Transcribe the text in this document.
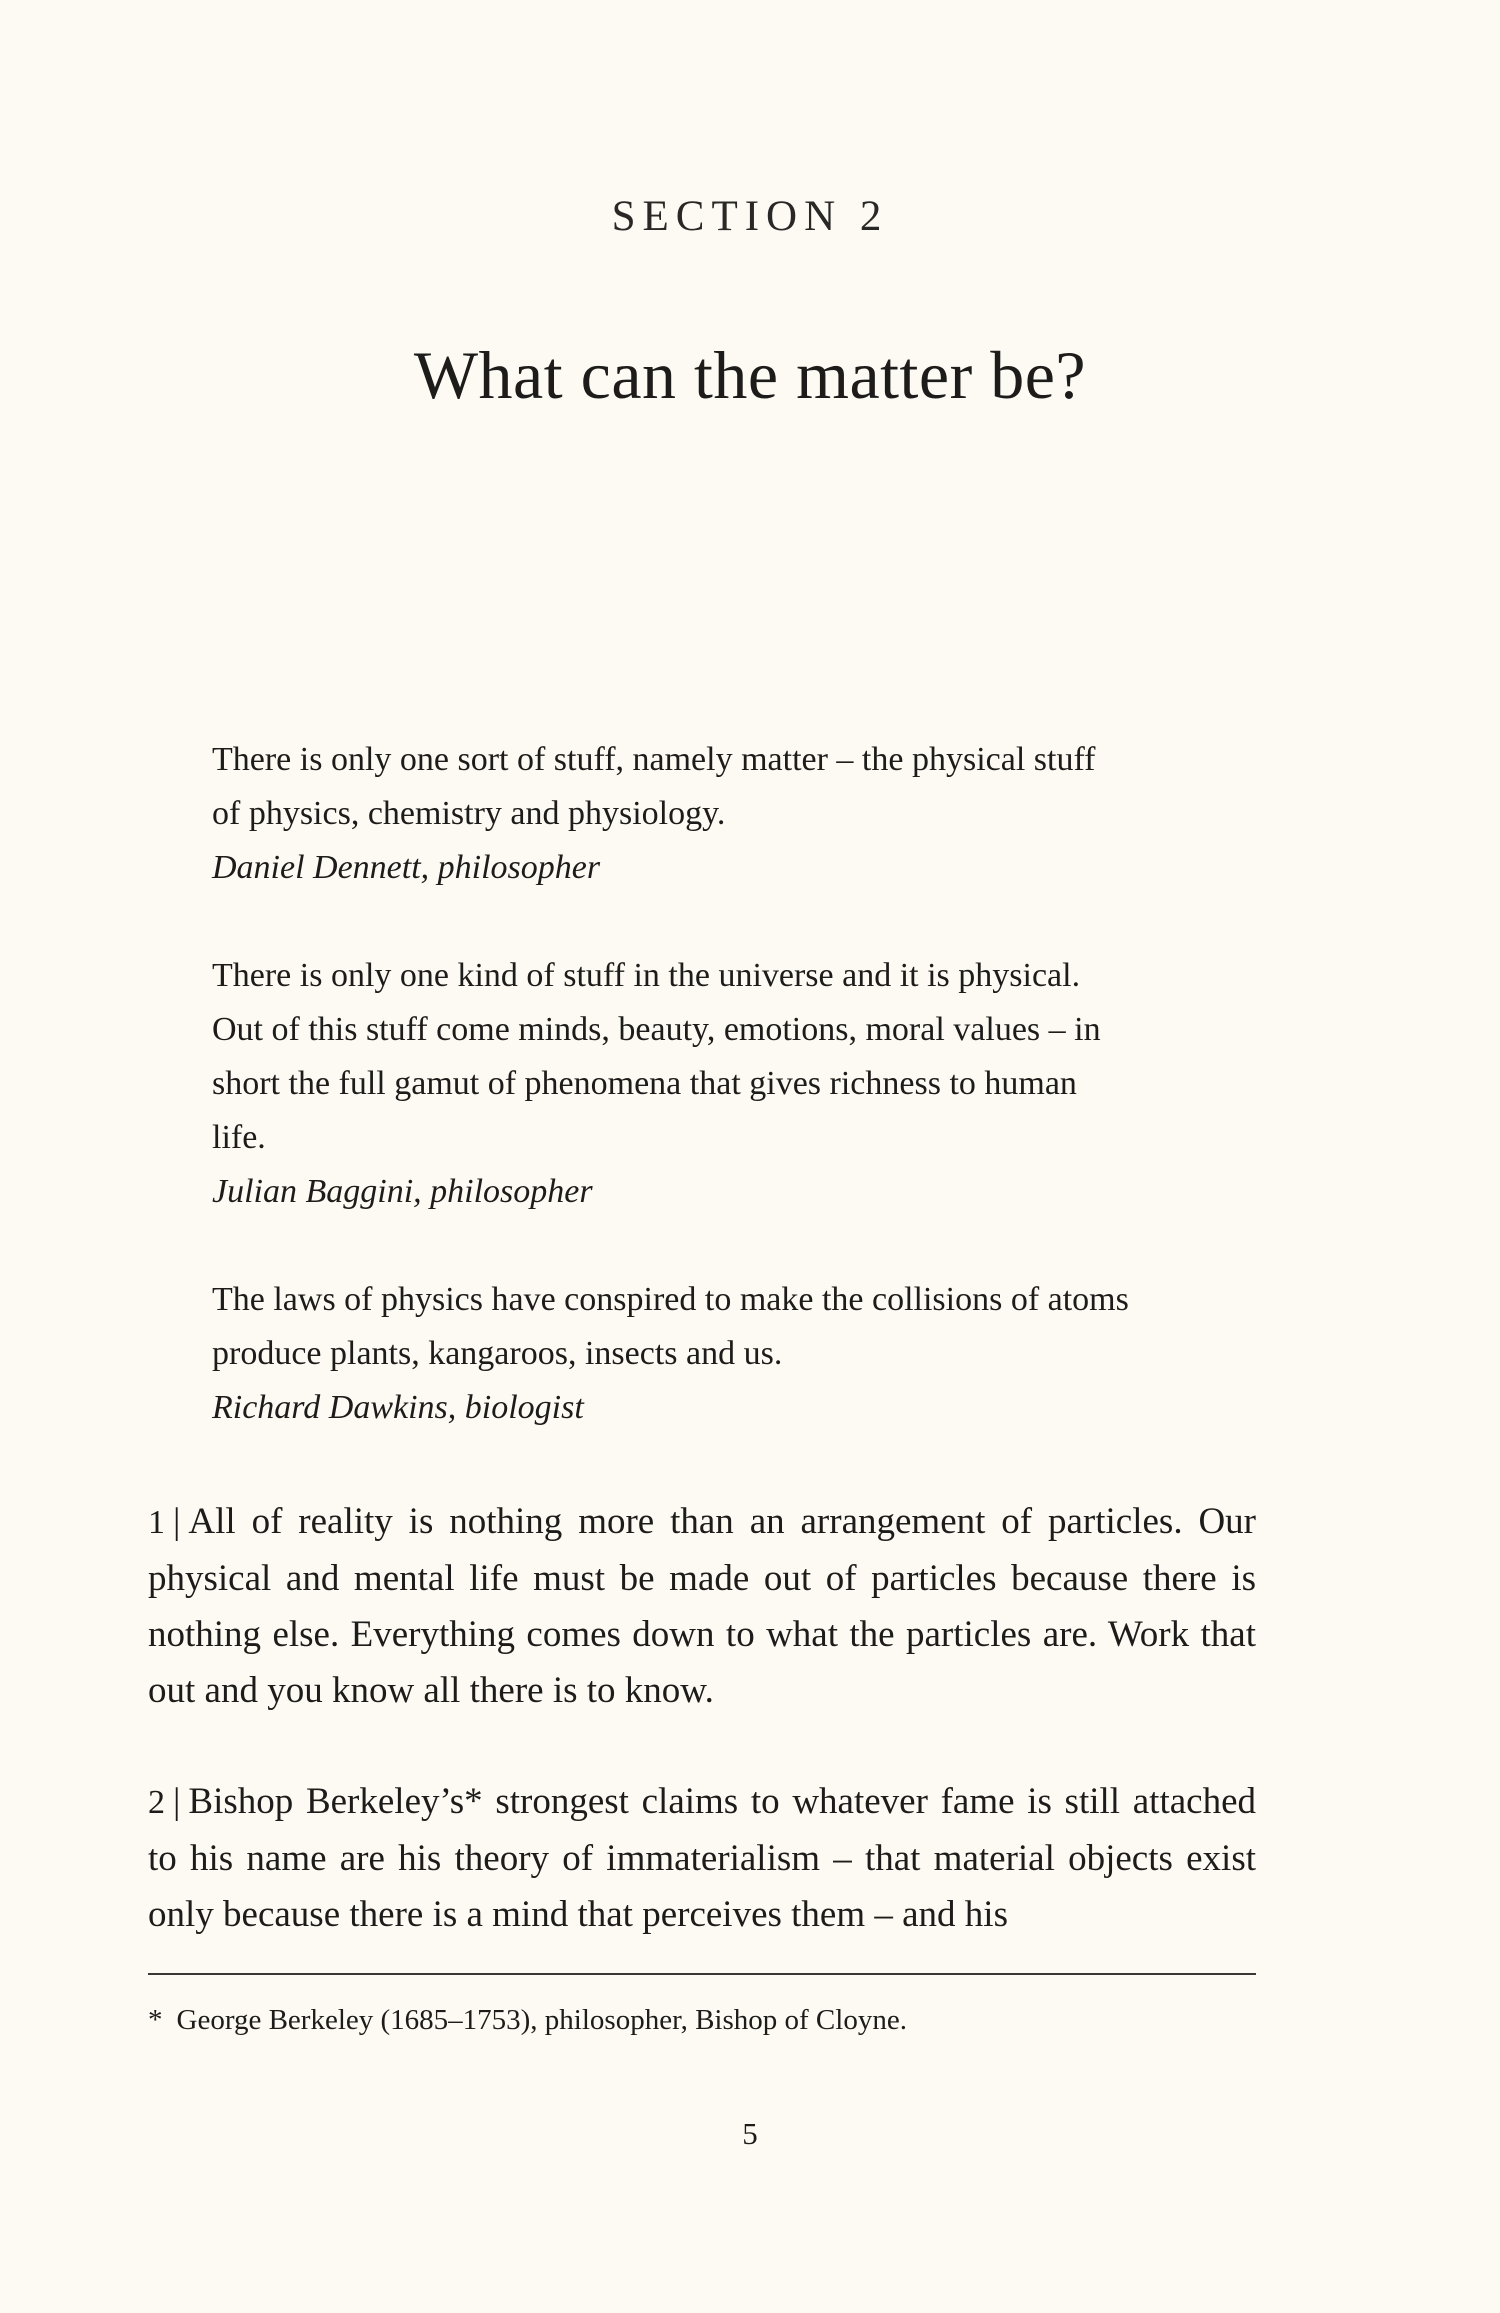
SECTION 2
What can the matter be?

There is only one sort of stuff, namely matter – the physical stuff

of physics, chemistry and physiology.

Daniel Dennett, philosopher

There is only one kind of stuff in the universe and it is physical.

Out of this stuff come minds, beauty, emotions, moral values – in

short the full gamut of phenomena that gives richness to human

life.

Julian Baggini, philosopher

The laws of physics have conspired to make the collisions of atoms

produce plants, kangaroos, insects and us.

Richard Dawkins, biologist

1 | All of reality is nothing more than an arrangement of particles. Our physical and mental life must be made out of particles because there is nothing else. Everything comes down to what the particles are. Work that out and you know all there is to know.

2 | Bishop Berkeley’s* strongest claims to whatever fame is still attached to his name are his theory of immaterialism – that material objects exist only because there is a mind that perceives them – and his

* George Berkeley (1685–1753), philosopher, Bishop of Cloyne.
5
